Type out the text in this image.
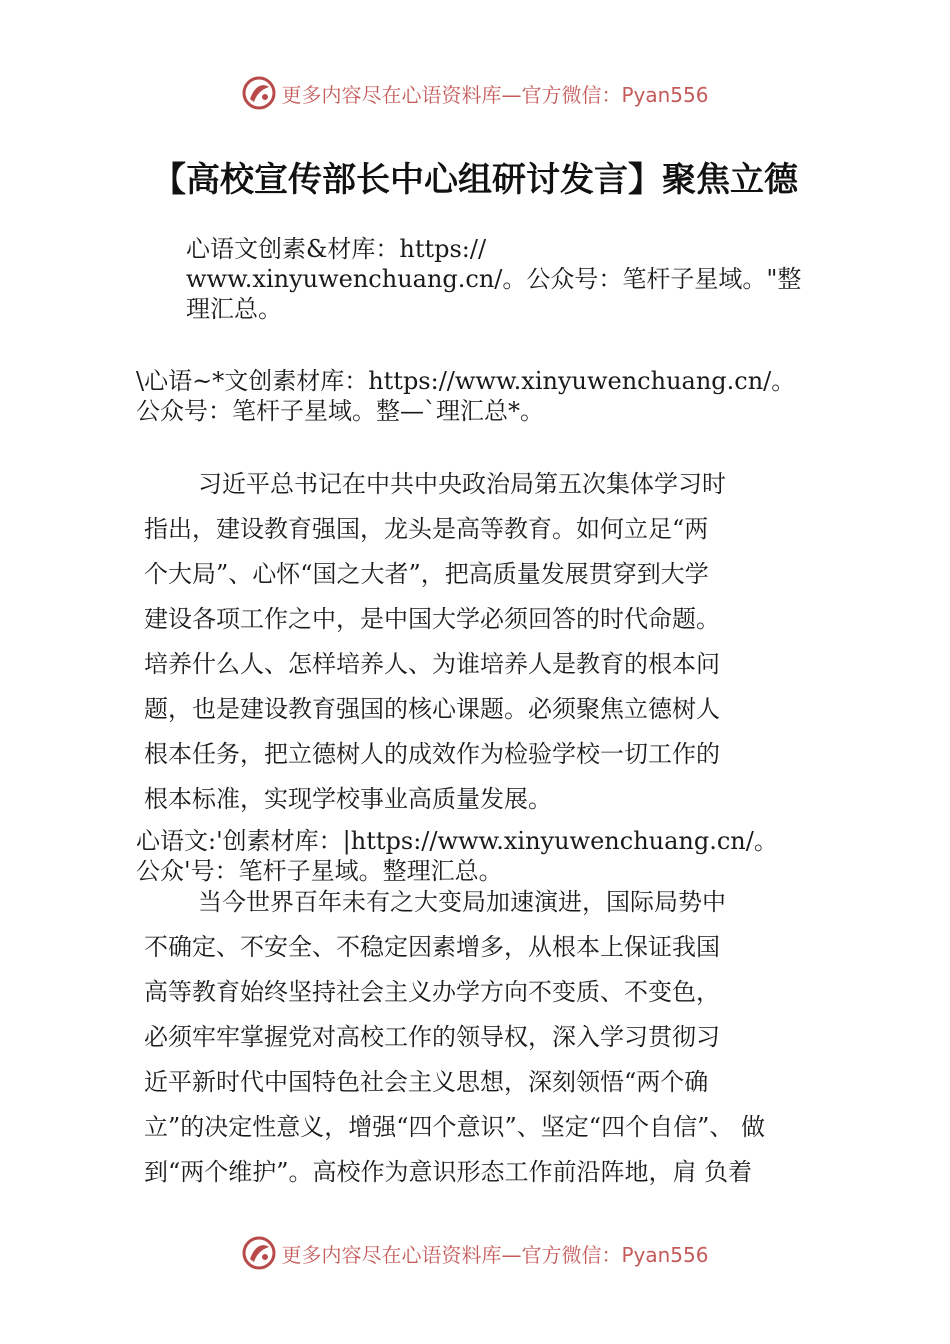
更多内容尽在心语资料库—官方微信：Pyan556
【高校宣传部长中心组研讨发言】聚焦立德
心语文创素&材库：https://
www.xinyuwenchuang.cn/。公众号：笔杆子星域。"整
理汇总。
\心语~*文创素材库：https://www.xinyuwenchuang.cn/。
公众号：笔杆子星域。整—`理汇总*。
习近平总书记在中共中央政治局第五次集体学习时
指出，建设教育强国，龙头是高等教育。如何立足“两
个大局”、心怀“国之大者”，把高质量发展贯穿到大学
建设各项工作之中，是中国大学必须回答的时代命题。
培养什么人、怎样培养人、为谁培养人是教育的根本问
题，也是建设教育强国的核心课题。必须聚焦立德树人
根本任务，把立德树人的成效作为检验学校一切工作的
根本标准，实现学校事业高质量发展。
心语文:'创素材库：|https://www.xinyuwenchuang.cn/。
公众'号：笔杆子星域。整理汇总。
当今世界百年未有之大变局加速演进，国际局势中
不确定、不安全、不稳定因素增多，从根本上保证我国
高等教育始终坚持社会主义办学方向不变质、不变色，
必须牢牢掌握党对高校工作的领导权，深入学习贯彻习
近平新时代中国特色社会主义思想，深刻领悟“两个确
立”的决定性意义，增强“四个意识”、坚定“四个自信”、 做
到“两个维护”。高校作为意识形态工作前沿阵地，肩 负着
更多内容尽在心语资料库—官方微信：Pyan556
